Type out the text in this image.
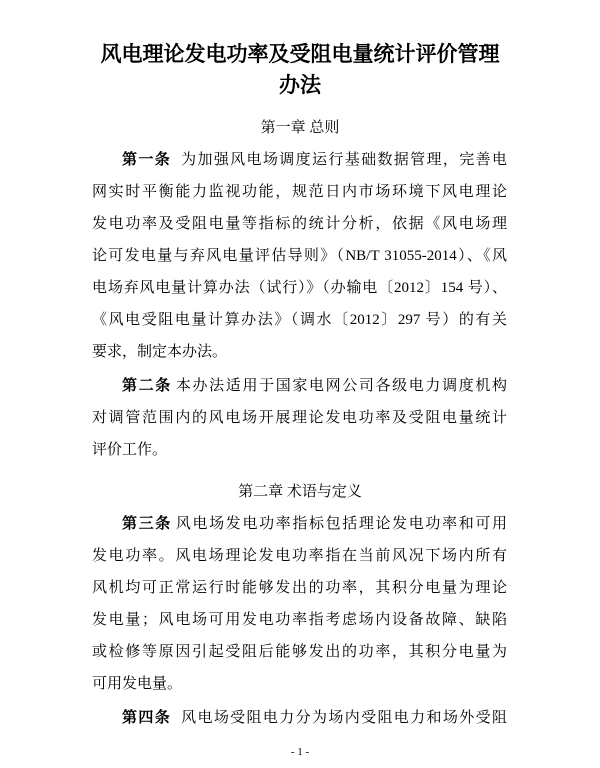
风电理论发电功率及受阻电量统计评价管理
办法
第一章 总则
第一条 为加强风电场调度运行基础数据管理，完善电
网实时平衡能力监视功能，规范日内市场环境下风电理论
发电功率及受阻电量等指标的统计分析，依据《风电场理
论可发电量与弃风电量评估导则》（NB/T 31055-2014）、《风
电场弃风电量计算办法（试行）》（办输电〔2012〕154 号）、
《风电受阻电量计算办法》（调水〔2012〕297 号）的有关
要求，制定本办法。
第二条 本办法适用于国家电网公司各级电力调度机构
对调管范围内的风电场开展理论发电功率及受阻电量统计
评价工作。
第二章 术语与定义
第三条 风电场发电功率指标包括理论发电功率和可用
发电功率。风电场理论发电功率指在当前风况下场内所有
风机均可正常运行时能够发出的功率，其积分电量为理论
发电量；风电场可用发电功率指考虑场内设备故障、缺陷
或检修等原因引起受阻后能够发出的功率，其积分电量为
可用发电量。
第四条 风电场受阻电力分为场内受阻电力和场外受阻
- 1 -
